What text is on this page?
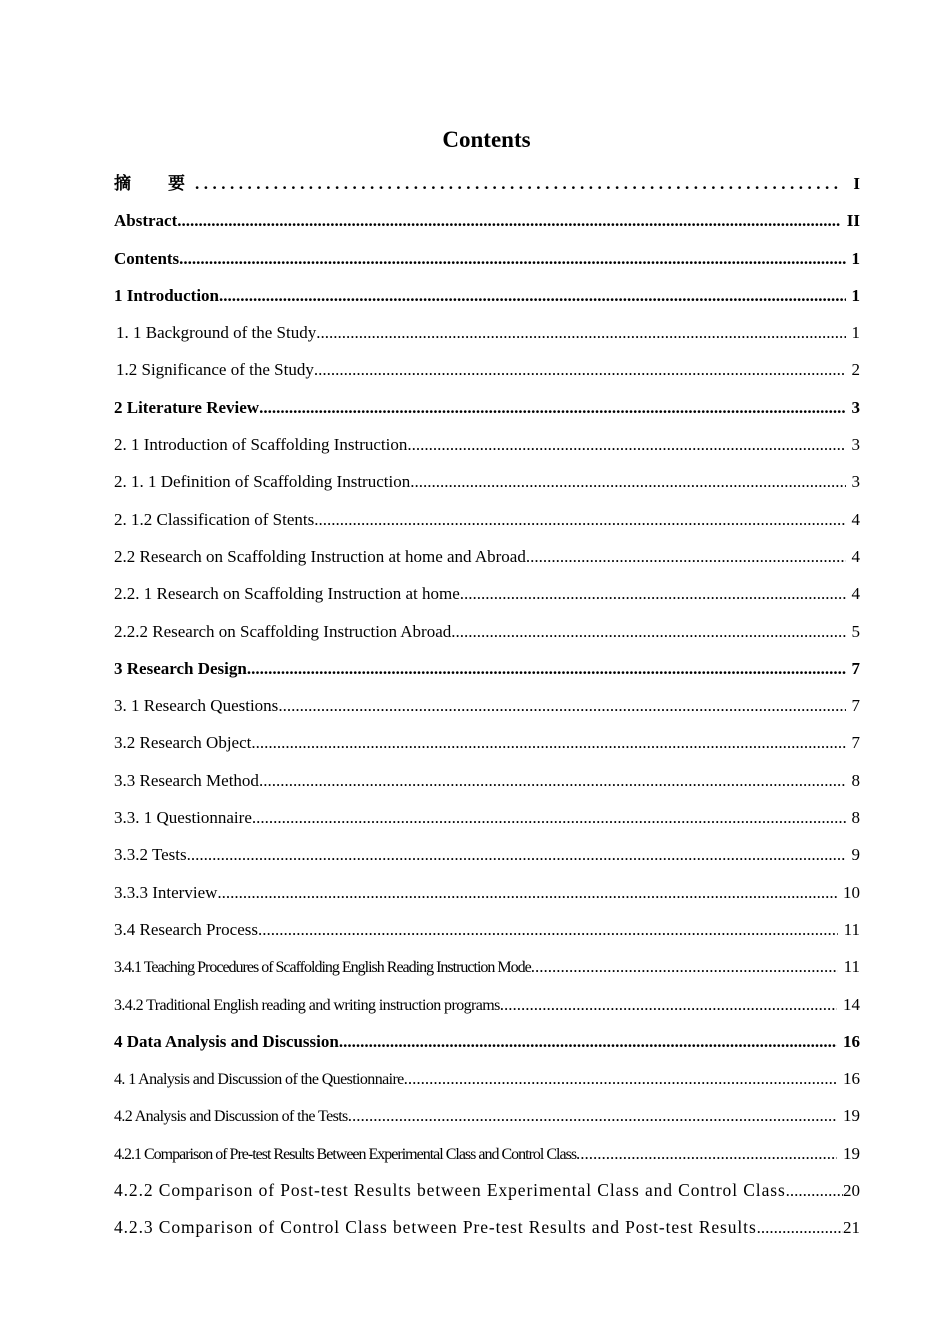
Contents
摘　要 .....	I
Abstract .....	II
Contents .....	1
1 Introduction .....	1
1. 1 Background of the Study .....	1
1.2 Significance of the Study .....	2
2 Literature Review .....	3
2. 1 Introduction of Scaffolding Instruction .....	3
2. 1. 1 Definition of Scaffolding Instruction .....	3
2. 1.2 Classification of Stents .....	4
2.2 Research on Scaffolding Instruction at home and Abroad .....	4
2.2. 1 Research on Scaffolding Instruction at home .....	4
2.2.2 Research on Scaffolding Instruction Abroad .....	5
3 Research Design .....	7
3. 1 Research Questions .....	7
3.2 Research Object .....	7
3.3 Research Method .....	8
3.3. 1 Questionnaire .....	8
3.3.2 Tests .....	9
3.3.3 Interview .....	10
3.4 Research Process .....	11
3.4.1 Teaching Procedures of Scaffolding English Reading Instruction Mode .....	11
3.4.2 Traditional English reading and writing instruction programs .....	14
4 Data Analysis and Discussion .....	16
4. 1 Analysis and Discussion of the Questionnaire .....	16
4.2 Analysis and Discussion of the Tests .....	19
4.2.1 Comparison of Pre-test Results Between Experimental Class and Control Class .....	19
4.2.2 Comparison of Post-test Results between Experimental Class and Control Class .....	20
4.2.3 Comparison of Control Class between Pre-test Results and Post-test Results .....	21
